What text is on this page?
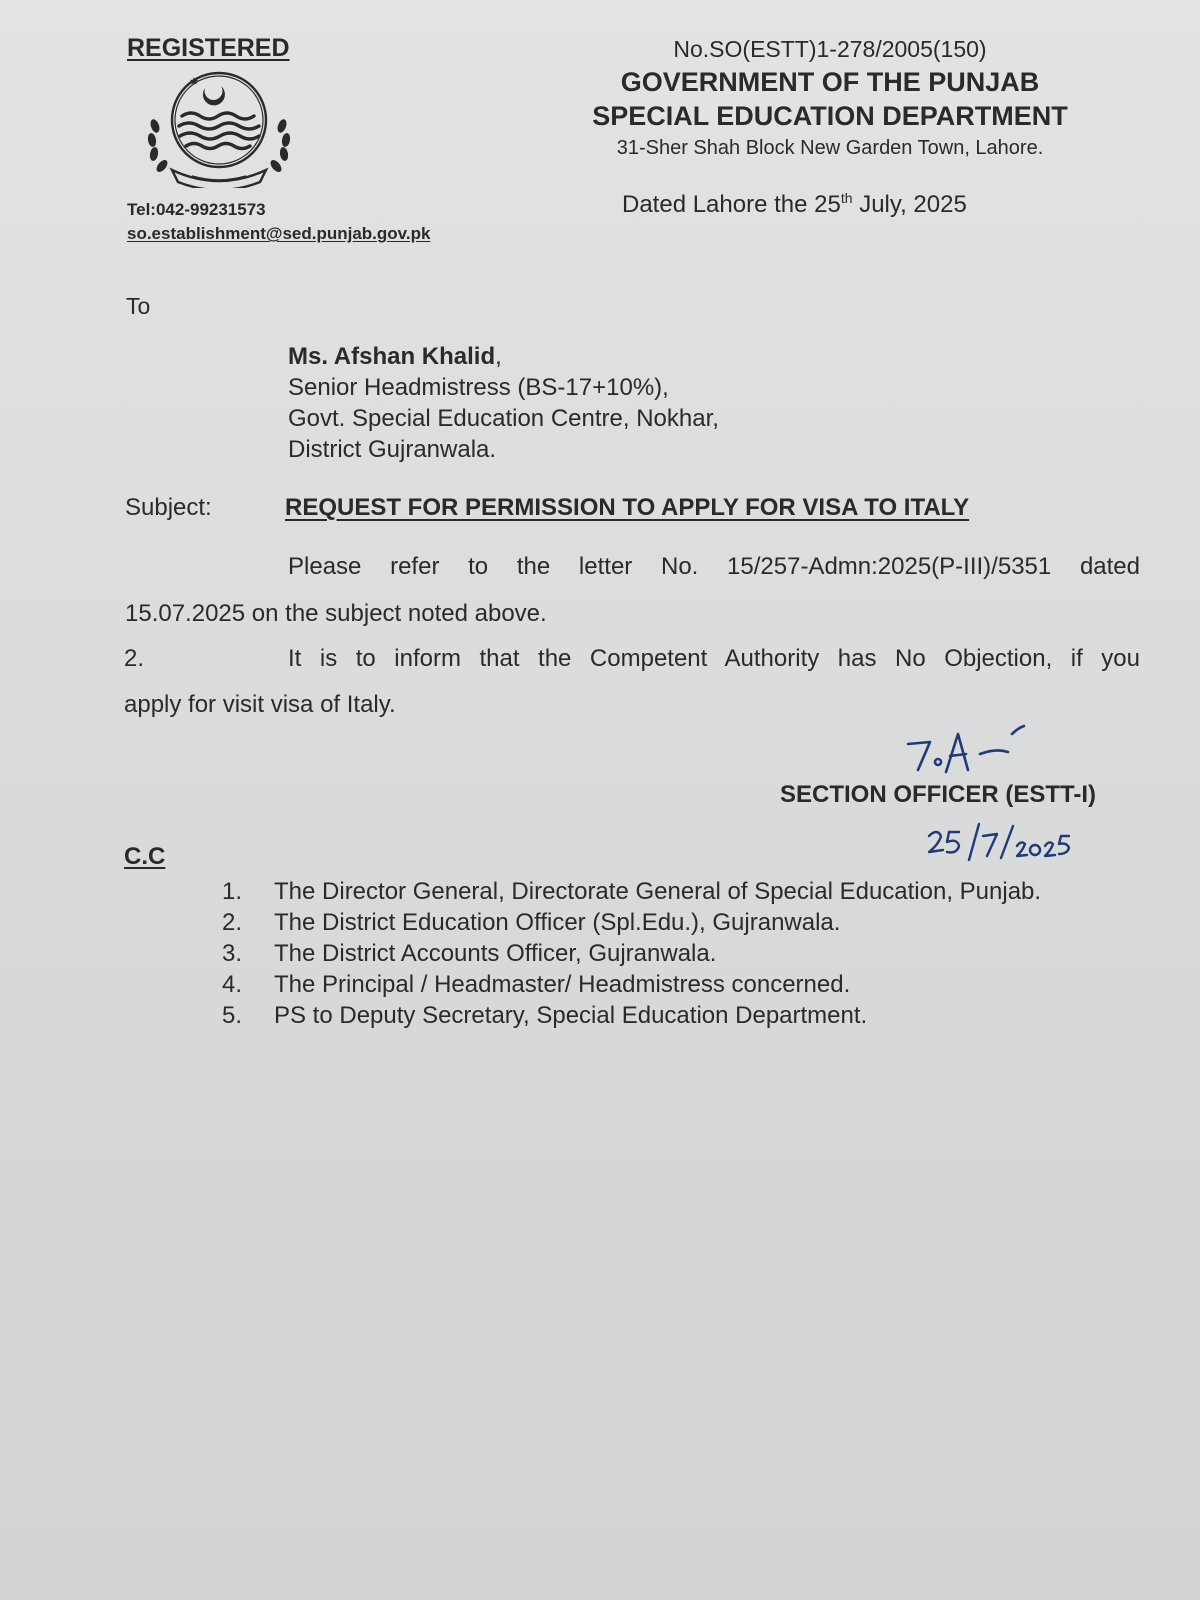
REGISTERED
Tel:042-99231573
so.establishment@sed.punjab.gov.pk
No.SO(ESTT)1-278/2005(150)
GOVERNMENT OF THE PUNJAB
SPECIAL EDUCATION DEPARTMENT
31-Sher Shah Block New Garden Town, Lahore.
Dated Lahore the 25th July, 2025
To
Ms. Afshan Khalid,
Senior Headmistress (BS-17+10%),
Govt. Special Education Centre, Nokhar,
District Gujranwala.
Subject:	REQUEST FOR PERMISSION TO APPLY FOR VISA TO ITALY
Please refer to the letter No. 15/257-Admn:2025(P-III)/5351 dated
15.07.2025 on the subject noted above.
2.	It is to inform that the Competent Authority has No Objection, if you
apply for visit visa of Italy.
SECTION OFFICER (ESTT-I)
C.C
1.	The Director General, Directorate General of Special Education, Punjab.
2.	The District Education Officer (Spl.Edu.), Gujranwala.
3.	The District Accounts Officer, Gujranwala.
4.	The Principal / Headmaster/ Headmistress concerned.
5.	PS to Deputy Secretary, Special Education Department.
